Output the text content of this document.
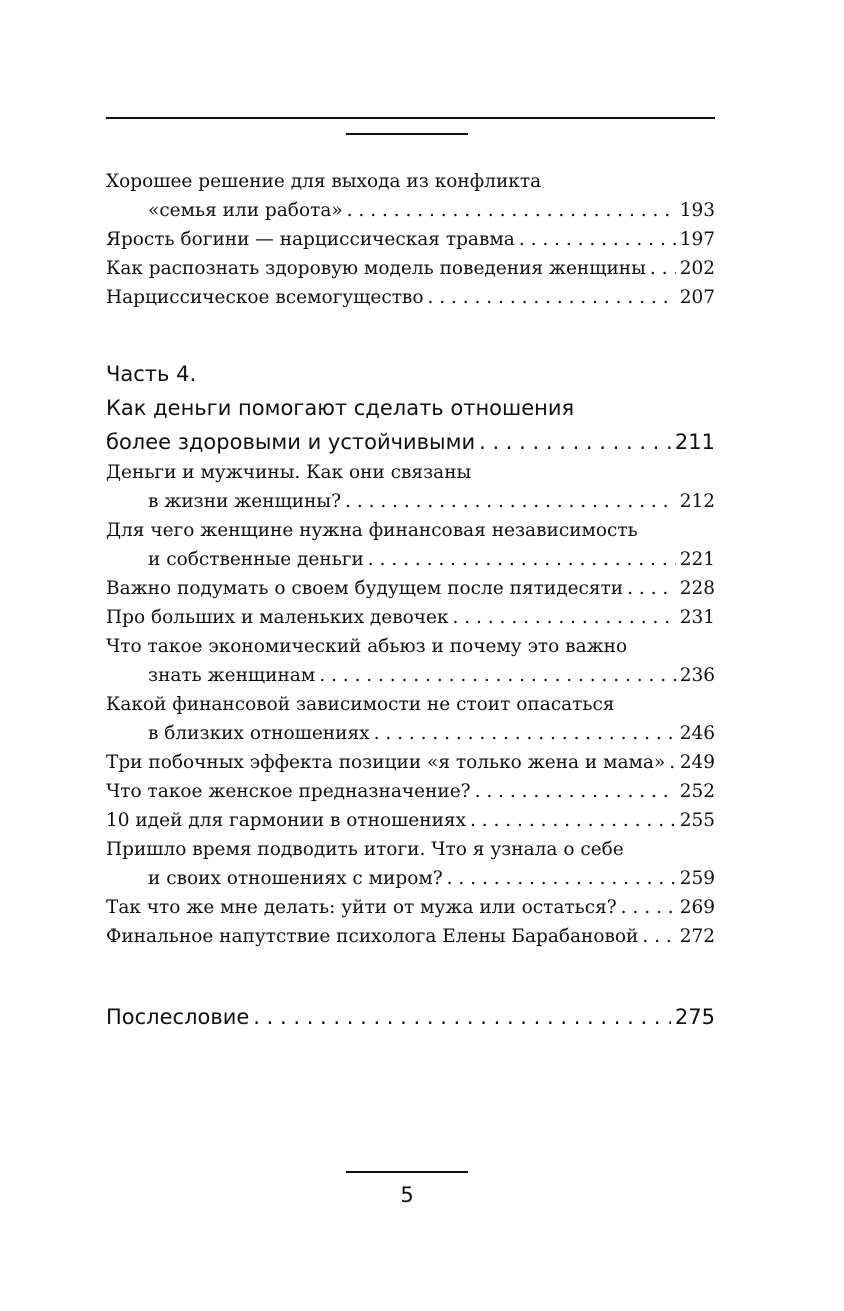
Хорошее решение для выхода из конфликта
«семья или работа» . . .	193
Ярость богини — нарциссическая травма . . .	197
Как распознать здоровую модель поведения женщины . . . 202
Нарциссическое всемогущество . . .	207
Часть 4.
Как деньги помогают сделать отношения
более здоровыми и устойчивыми . . .	211
Деньги и мужчины. Как они связаны
в жизни женщины? . . .	212
Для чего женщине нужна финансовая независимость
и собственные деньги . . .	221
Важно подумать о своем будущем после пятидесяти . . .	228
Про больших и маленьких девочек . . .	231
Что такое экономический абьюз и почему это важно
знать женщинам . . .	236
Какой финансовой зависимости не стоит опасаться
в близких отношениях . . .	246
Три побочных эффекта позиции «я только жена и мама» . . . 249
Что такое женское предназначение? . . .	252
10 идей для гармонии в отношениях . . .	255
Пришло время подводить итоги. Что я узнала о себе
и своих отношениях с миром? . . .	259
Так что же мне делать: уйти от мужа или остаться? . . .	269
Финальное напутствие психолога Елены Барабановой . . . 272
Послесловие . . .	275
5
